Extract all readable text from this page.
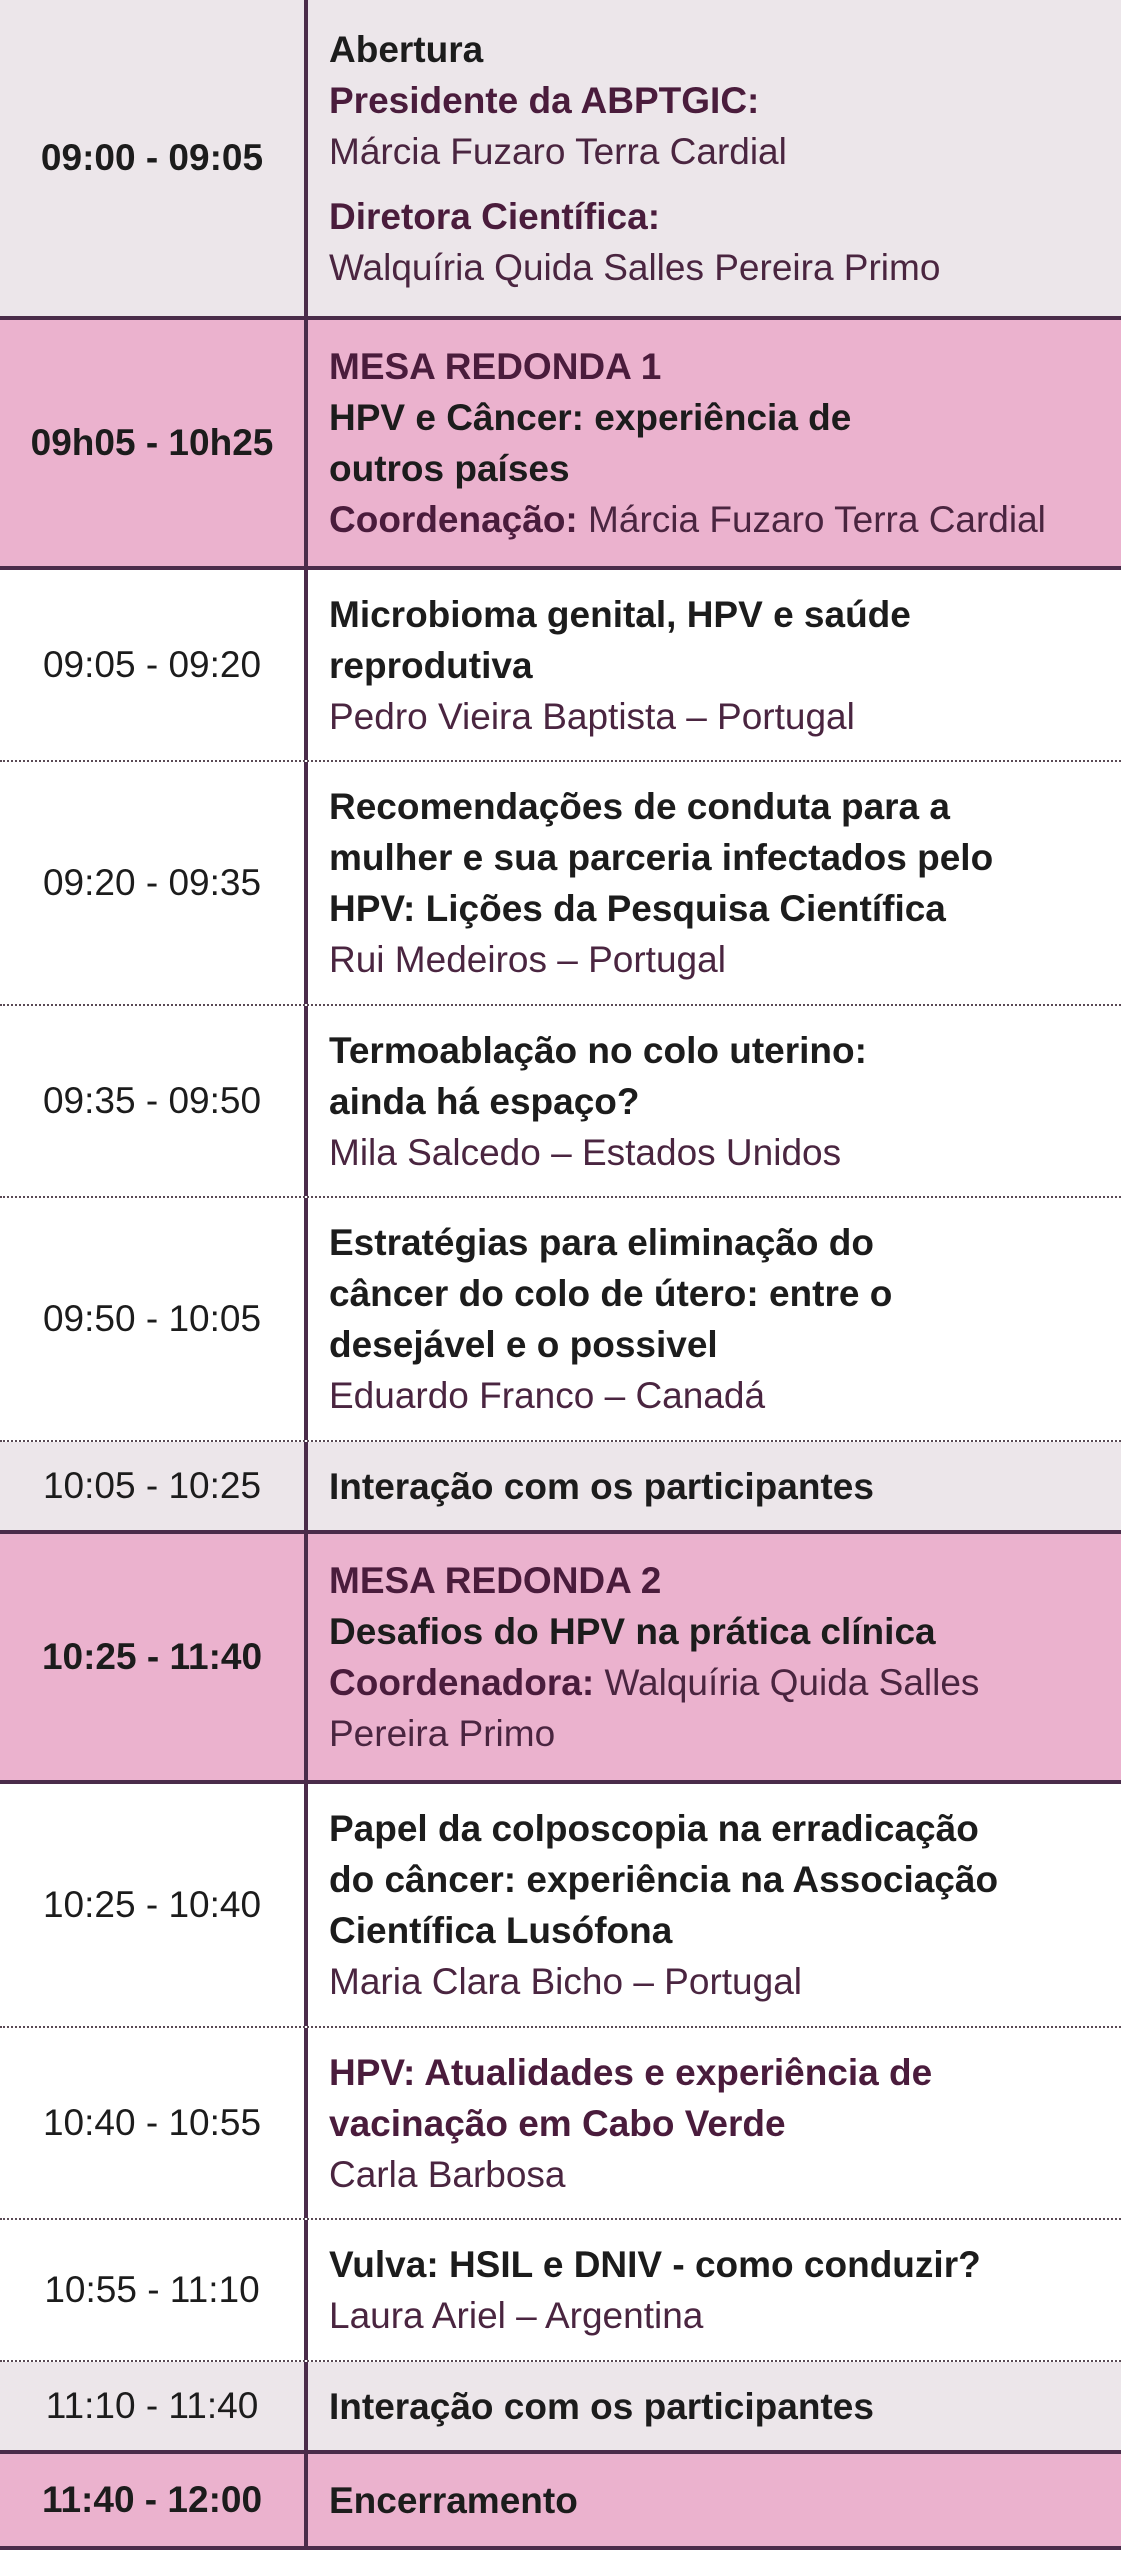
09:00 - 09:05
Abertura
Presidente da ABPTGIC:
Márcia Fuzaro Terra Cardial
Diretora Científica:
Walquíria Quida Salles Pereira Primo
09h05 - 10h25
MESA REDONDA 1
HPV e Câncer: experiência de
outros países
Coordenação: Márcia Fuzaro Terra Cardial
09:05 - 09:20
Microbioma genital, HPV e saúde
reprodutiva
Pedro Vieira Baptista – Portugal
09:20 - 09:35
Recomendações de conduta para a
mulher e sua parceria infectados pelo
HPV: Lições da Pesquisa Científica
Rui Medeiros – Portugal
09:35 - 09:50
Termoablação no colo uterino:
ainda há espaço?
Mila Salcedo – Estados Unidos
09:50 - 10:05
Estratégias para eliminação do
câncer do colo de útero: entre o
desejável e o possivel
Eduardo Franco – Canadá
10:05 - 10:25	Interação com os participantes
10:25 - 11:40
MESA REDONDA 2
Desafios do HPV na prática clínica
Coordenadora: Walquíria Quida Salles
Pereira Primo
10:25 - 10:40
Papel da colposcopia na erradicação
do câncer: experiência na Associação
Científica Lusófona
Maria Clara Bicho – Portugal
10:40 - 10:55
HPV: Atualidades e experiência de
vacinação em Cabo Verde
Carla Barbosa
10:55 - 11:10
Vulva: HSIL e DNIV - como conduzir?
Laura Ariel – Argentina
11:10 - 11:40	Interação com os participantes
11:40 - 12:00	Encerramento
